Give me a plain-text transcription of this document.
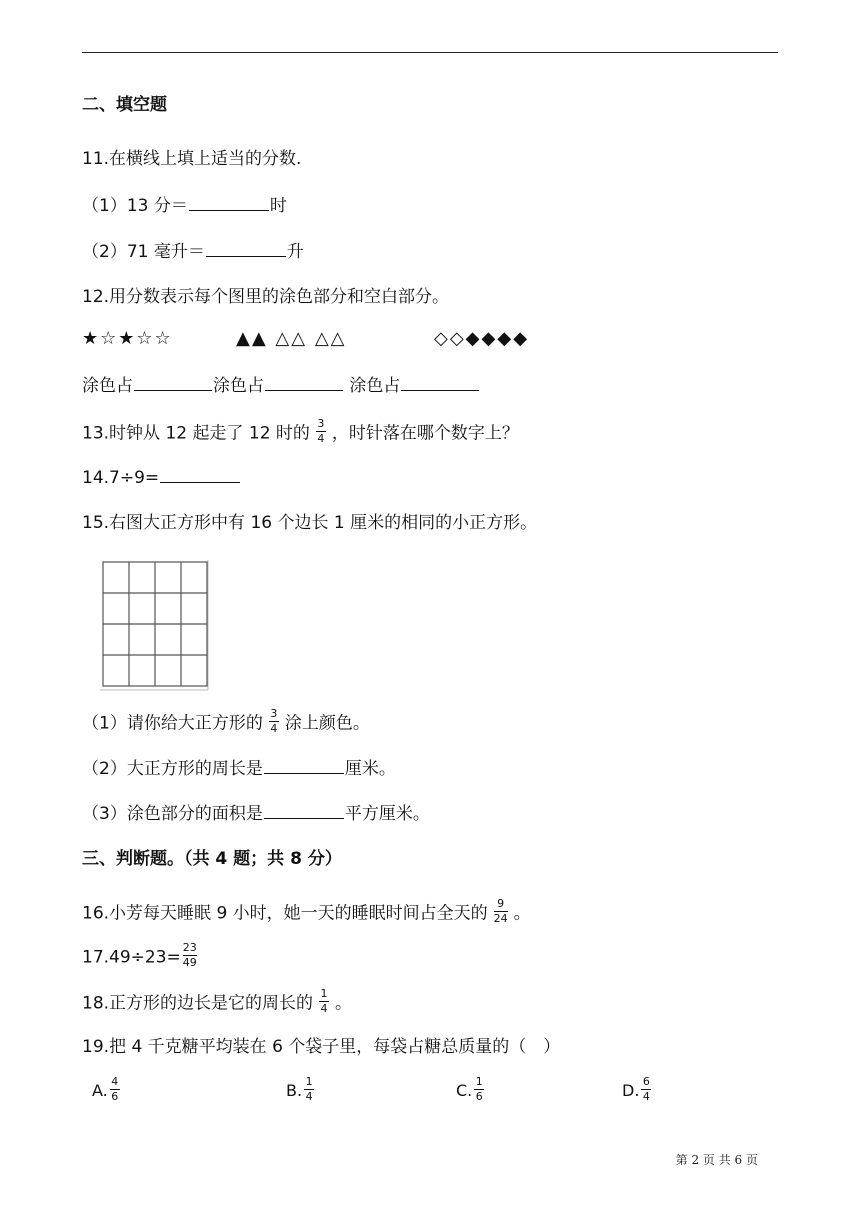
二、填空题
11.在横线上填上适当的分数.
（1）13 分＝	时
（2）71 毫升＝	升
12.用分数表示每个图里的涂色部分和空白部分。
★☆★☆☆	▲▲ △△ △△	◇◇◆◆◆◆
涂色占	涂色占	涂色占
13.时钟从 12 起走了 12 时的 $\frac{3}{4}$ ，时针落在哪个数字上？
14.7÷9=
15.右图大正方形中有 16 个边长 1 厘米的相同的小正方形。
（1）请你给大正方形的 $\frac{3}{4}$ 涂上颜色。
（2）大正方形的周长是	厘米。
（3）涂色部分的面积是	平方厘米。
三、判断题。（共 4 题；共 8 分）
16.小芳每天睡眠 9 小时，她一天的睡眠时间占全天的 $\frac{9}{24}$ 。
$17.49\div 23= \frac{23}{49}$
18.正方形的边长是它的周长的 $\frac{1}{4}$ 。
19.把 4 千克糖平均装在 6 个袋子里，每袋占糖总质量的（　）
A. $\frac{4}{6}$	B. $\frac{1}{4}$	C. $\frac{1}{6}$	D. $\frac{6}{4}$
第 2 页 共 6 页
